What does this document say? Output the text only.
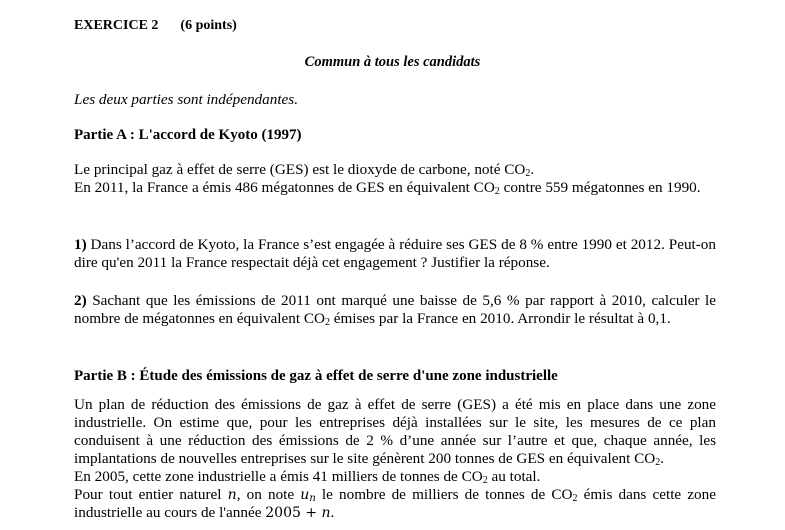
EXERCICE 2 (6 points)
Commun à tous les candidats
Les deux parties sont indépendantes.
Partie A : L'accord de Kyoto (1997)

Le principal gaz à effet de serre (GES) est le dioxyde de carbone, noté $CO_2$.

En 2011, la France a émis 486 mégatonnes de GES en équivalent $CO_2$ contre 559 mégatonnes en 1990.

1) Dans l’accord de Kyoto, la France s’est engagée à réduire ses GES de 8 % entre 1990 et 2012. Peut-on dire qu'en 2011 la France respectait déjà cet engagement ? Justifier la réponse.

2) Sachant que les émissions de 2011 ont marqué une baisse de 5,6 % par rapport à 2010, calculer le nombre de mégatonnes en équivalent $CO_2$ émises par la France en 2010. Arrondir le résultat à 0,1.

Partie B : Étude des émissions de gaz à effet de serre d'une zone industrielle

Un plan de réduction des émissions de gaz à effet de serre (GES) a été mis en place dans une zone industrielle. On estime que, pour les entreprises déjà installées sur le site, les mesures de ce plan conduisent à une réduction des émissions de 2 % d’une année sur l’autre et que, chaque année, les implantations de nouvelles entreprises sur le site génèrent 200 tonnes de GES en équivalent $CO_2$.

En 2005, cette zone industrielle a émis 41 milliers de tonnes de $CO_2$ au total.

Pour tout entier naturel n, on note $u_n$ le nombre de milliers de tonnes de $CO_2$ émis dans cette zone industrielle au cours de l'année 2005 + n.
